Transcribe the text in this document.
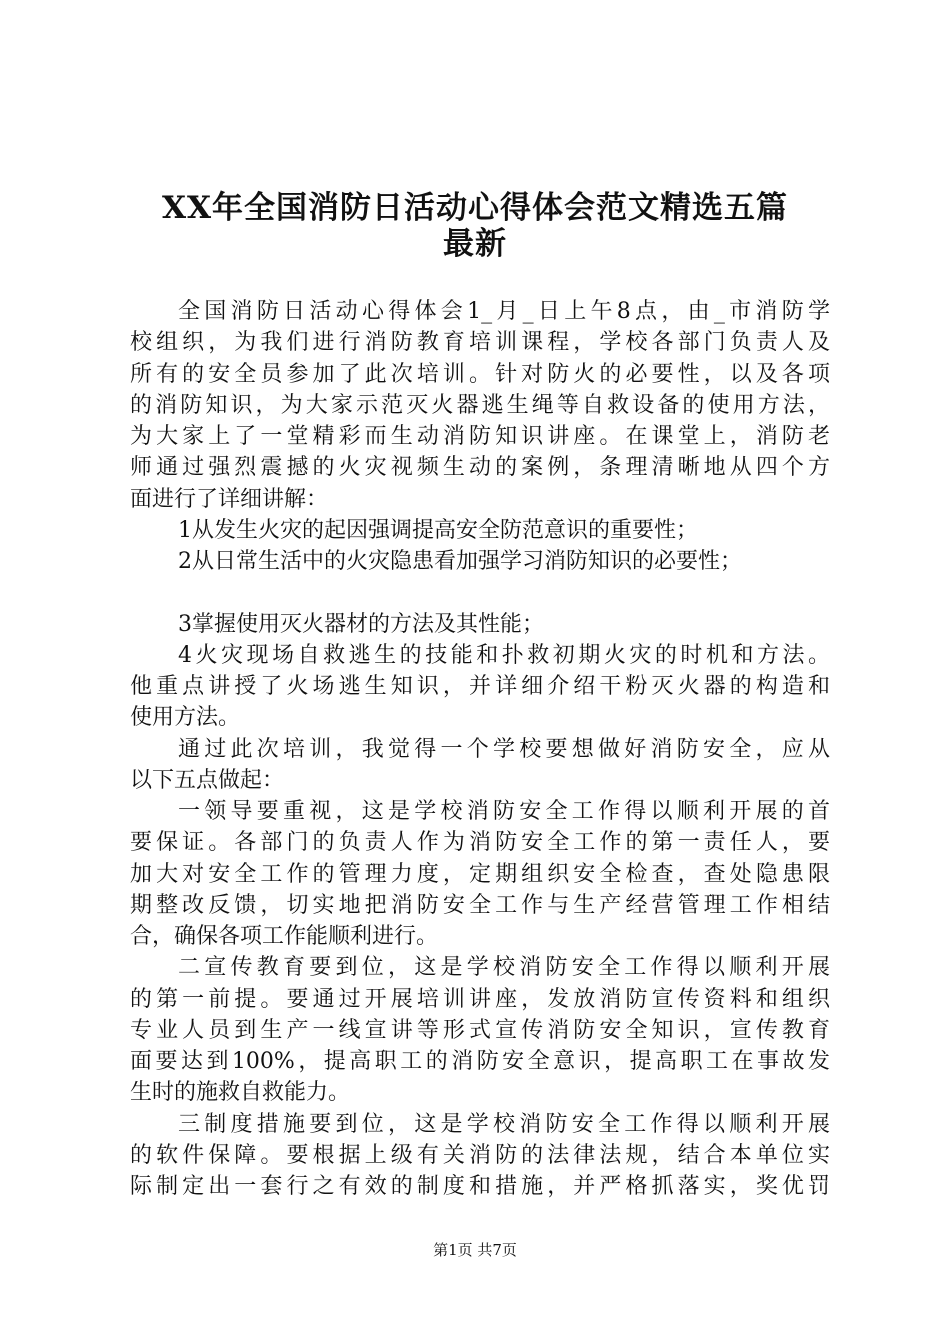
XX年全国消防日活动心得体会范文精选五篇
最新
全国消防日活动心得体会1_月_日上午8点，由_市消防学
校组织，为我们进行消防教育培训课程，学校各部门负责人及
所有的安全员参加了此次培训。针对防火的必要性，以及各项
的消防知识，为大家示范灭火器逃生绳等自救设备的使用方法，
为大家上了一堂精彩而生动消防知识讲座。在课堂上，消防老
师通过强烈震撼的火灾视频生动的案例，条理清晰地从四个方
面进行了详细讲解：
1从发生火灾的起因强调提高安全防范意识的重要性；
2从日常生活中的火灾隐患看加强学习消防知识的必要性；
3掌握使用灭火器材的方法及其性能；
4火灾现场自救逃生的技能和扑救初期火灾的时机和方法。
他重点讲授了火场逃生知识，并详细介绍干粉灭火器的构造和
使用方法。
通过此次培训，我觉得一个学校要想做好消防安全，应从
以下五点做起：
一领导要重视，这是学校消防安全工作得以顺利开展的首
要保证。各部门的负责人作为消防安全工作的第一责任人，要
加大对安全工作的管理力度，定期组织安全检查，查处隐患限
期整改反馈，切实地把消防安全工作与生产经营管理工作相结
合，确保各项工作能顺利进行。
二宣传教育要到位，这是学校消防安全工作得以顺利开展
的第一前提。要通过开展培训讲座，发放消防宣传资料和组织
专业人员到生产一线宣讲等形式宣传消防安全知识，宣传教育
面要达到100%，提高职工的消防安全意识，提高职工在事故发
生时的施救自救能力。
三制度措施要到位，这是学校消防安全工作得以顺利开展
的软件保障。要根据上级有关消防的法律法规，结合本单位实
际制定出一套行之有效的制度和措施，并严格抓落实，奖优罚
第1页 共7页
